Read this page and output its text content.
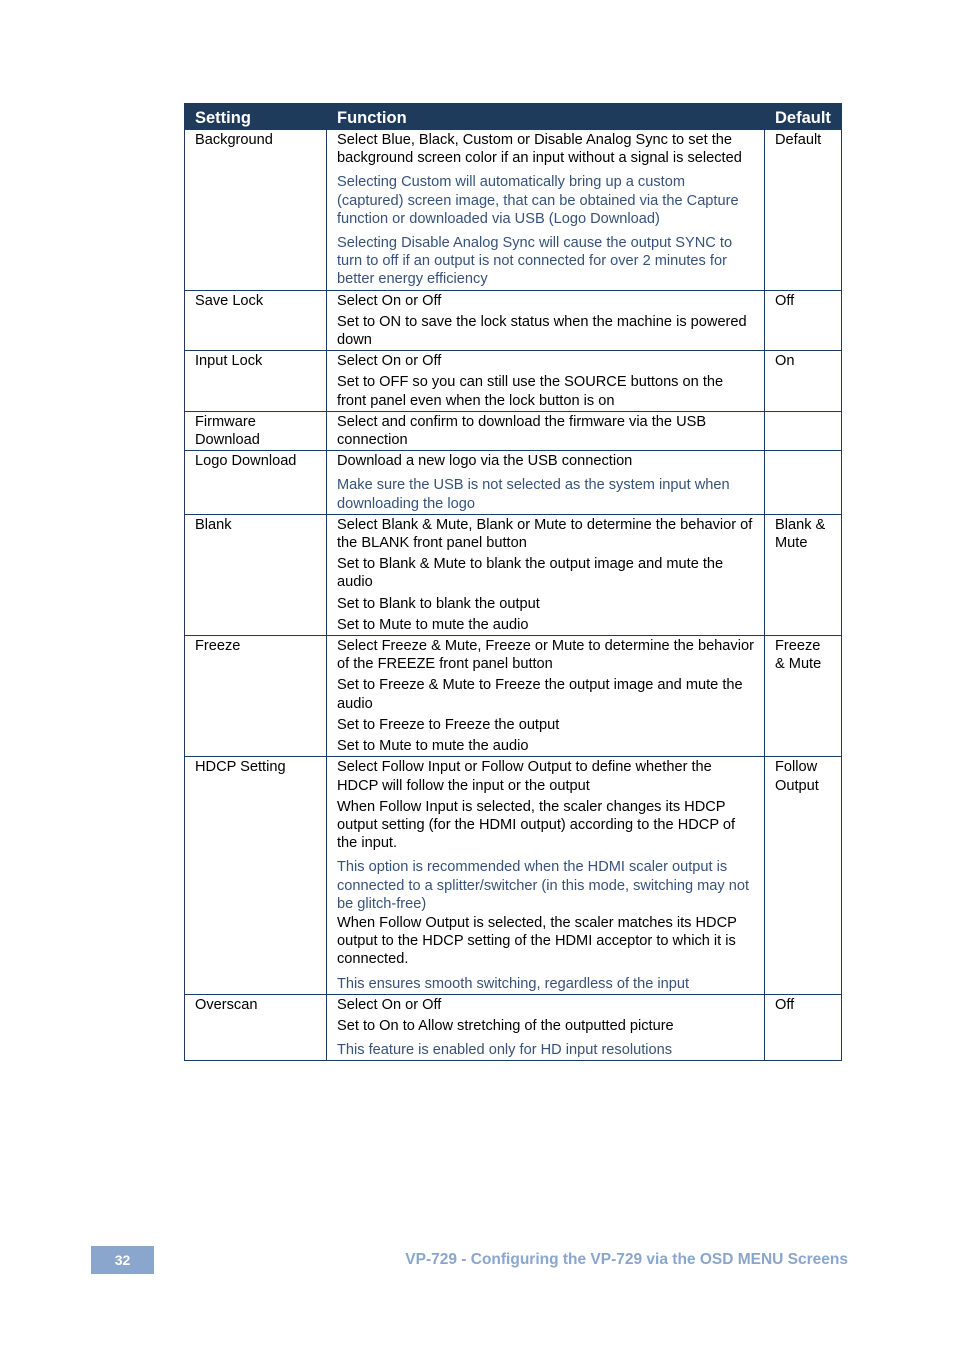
Setting	Function	Default
Background	Select Blue, Black, Custom or Disable Analog Sync to set the background screen color if an input without a signal is selected

Selecting Custom will automatically bring up a custom (captured) screen image, that can be obtained via the Capture function or downloaded via USB (Logo Download)

Selecting Disable Analog Sync will cause the output SYNC to turn to off if an output is not connected for over 2 minutes for better energy efficiency	Default
Save Lock	Select On or Off

Set to ON to save the lock status when the machine is powered down	Off
Input Lock	Select On or Off

Set to OFF so you can still use the SOURCE buttons on the front panel even when the lock button is on	On
Firmware Download	Select and confirm to download the firmware via the USB connection	

Logo Download	Download a new logo via the USB connection

Make sure the USB is not selected as the system input when downloading the logo	

Blank	Select Blank & Mute, Blank or Mute to determine the behavior of the BLANK front panel button

Set to Blank & Mute to blank the output image and mute the audio

Set to Blank to blank the output

Set to Mute to mute the audio	Blank & Mute
Freeze	Select Freeze & Mute, Freeze or Mute to determine the behavior of the FREEZE front panel button

Set to Freeze & Mute to Freeze the output image and mute the audio

Set to Freeze to Freeze the output

Set to Mute to mute the audio	Freeze & Mute
HDCP Setting	Select Follow Input or Follow Output to define whether the HDCP will follow the input or the output

When Follow Input is selected, the scaler changes its HDCP output setting (for the HDMI output) according to the HDCP of the input.

This option is recommended when the HDMI scaler output is connected to a splitter/switcher (in this mode, switching may not be glitch-free)

When Follow Output is selected, the scaler matches its HDCP output to the HDCP setting of the HDMI acceptor to which it is connected.

This ensures smooth switching, regardless of the input	Follow Output
Overscan	Select On or Off

Set to On to Allow stretching of the outputted picture

This feature is enabled only for HD input resolutions	Off
32	VP-729 - Configuring the VP-729 via the OSD MENU Screens
